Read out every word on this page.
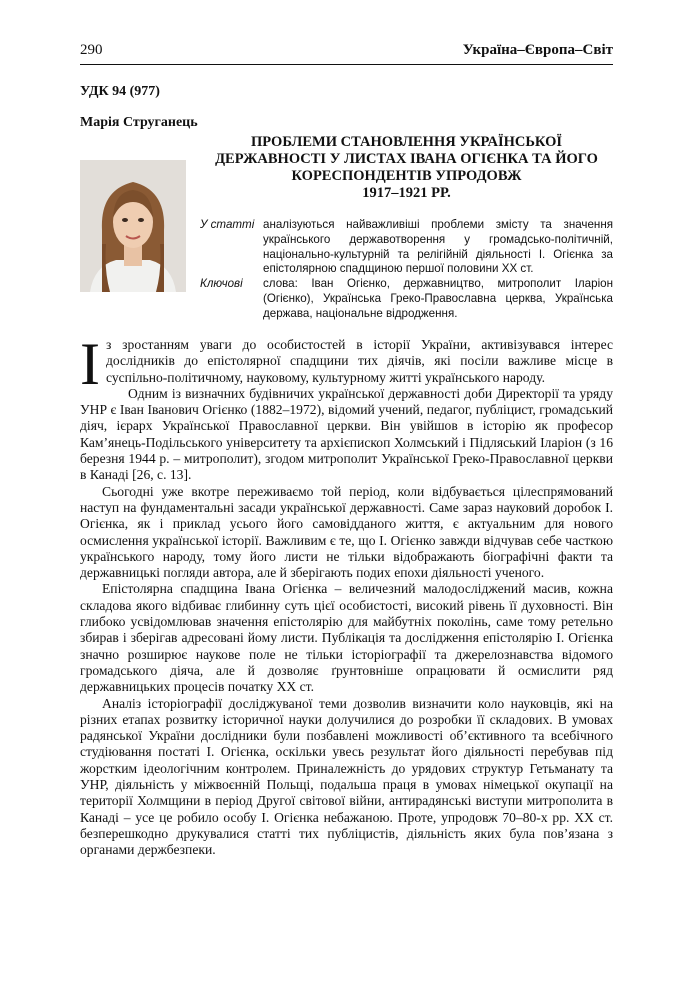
290	Україна–Європа–Світ
УДК 94 (977)
Марія Струганець
ПРОБЛЕМИ СТАНОВЛЕННЯ УКРАЇНСЬКОЇ
ДЕРЖАВНОСТІ У ЛИСТАХ ІВАНА ОГІЄНКА ТА ЙОГО
КОРЕСПОНДЕНТІВ УПРОДОВЖ
1917–1921 РР.
У статті аналізуються найважливіші проблеми змісту та значення українського державотворення у громадсько-політичній, національно-культурній та релігійній діяльності І. Огієнка за епістолярною спадщиною першої половини ХХ ст.
Ключові	слова: Іван Огієнко, державництво, митрополит Іларіон (Огієнко), Українська Греко-Православна церква, Українська держава, національне відродження.

Із зростанням уваги до особистостей в історії України, активізувався інтерес дослідників до епістолярної спадщини тих діячів, які посіли важливе місце в суспільно-політичному, науковому, культурному житті українського народу.

Одним із визначних будівничих української державності доби Директорії та уряду УНР є Іван Іванович Огієнко (1882–1972), відомий учений, педагог, публіцист, громадський діяч, ієрарх Української Православної церкви. Він увійшов в історію як професор Кам’янець-Подільського університету та архієпископ Холмський і Підляський Іларіон (з 16 березня 1944 р. – митрополит), згодом митрополит Української Греко-Православної церкви в Канаді [26, с. 13].

Сьогодні уже вкотре переживаємо той період, коли відбувається цілеспрямований наступ на фундаментальні засади української державності. Саме зараз науковий доробок І. Огієнка, як і приклад усього його самовідданого життя, є актуальним для нового осмислення української історії. Важливим є те, що І. Огієнко завжди відчував себе часткою українського народу, тому його листи не тільки відображають біографічні факти та державницькі погляди автора, але й зберігають подих епохи діяльності ученого.

Епістолярна спадщина Івана Огієнка – величезний малодосліджений масив, кожна складова якого відбиває глибинну суть цієї особистості, високий рівень її духовності. Він глибоко усвідомлював значення епістолярію для майбутніх поколінь, саме тому ретельно збирав і зберігав адресовані йому листи. Публікація та дослідження епістолярію І. Огієнка значно розширює наукове поле не тільки історіографії та джерелознавства відомого громадського діяча, але й дозволяє ґрунтовніше опрацювати й осмислити ряд державницьких процесів початку ХХ ст.

Аналіз історіографії досліджуваної теми дозволив визначити коло науковців, які на різних етапах розвитку історичної науки долучилися до розробки її складових. В умовах радянської України дослідники були позбавлені можливості об’єктивного та всебічного студіювання постаті І. Огієнка, оскільки увесь результат його діяльності перебував під жорстким ідеологічним контролем. Приналежність до урядових структур Гетьманату та УНР, діяльність у міжвоєнній Польщі, подальша праця в умовах німецької окупації на території Холмщини в період Другої світової війни, антирадянські виступи митрополита в Канаді – усе це робило особу І. Огієнка небажаною. Проте, упродовж 70–80-х рр. ХХ ст. безперешкодно друкувалися статті тих публіцистів, діяльність яких була пов’язана з органами держбезпеки.
